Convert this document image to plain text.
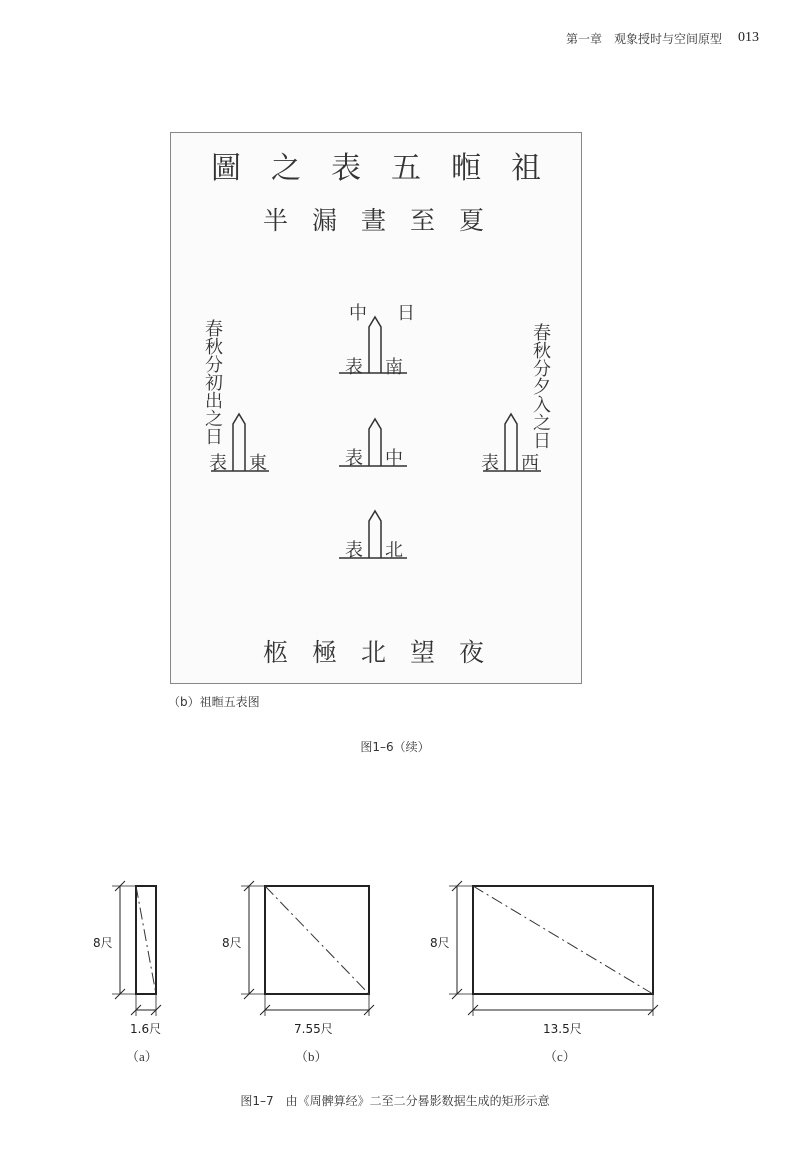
第一章　观象授时与空间原型 013
圖之表五暅祖
半漏晝至夏
中　日
表 南
表 中
表 北
表 東	表 西
春秋分初出之日	春秋分夕入之日
柩極北望夜
（b）祖暅五表图
图1–6（续）
8尺	8尺	8尺
1.6尺	7.55尺	13.5尺
（a）	（b）	（c）
图1–7　由《周髀算经》二至二分晷影数据生成的矩形示意
